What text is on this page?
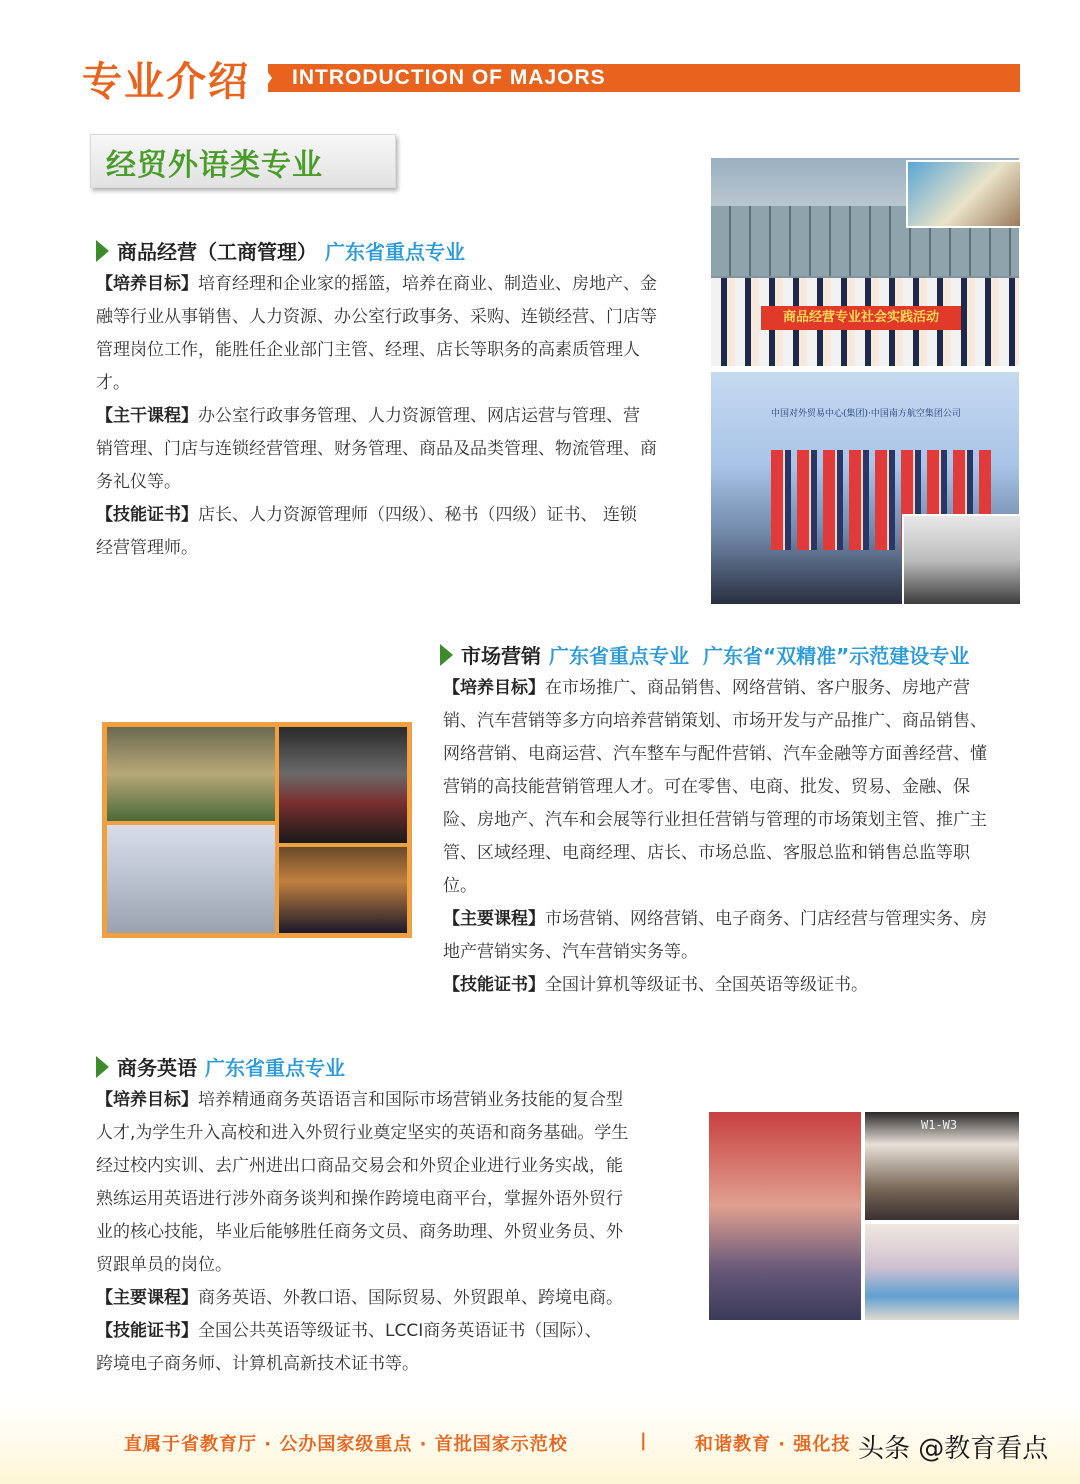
专业介绍 INTRODUCTION OF MAJORS
经贸外语类专业
商品经营（工商管理） 广东省重点专业
【培养目标】培育经理和企业家的摇篮，培养在商业、制造业、房地产、金
融等行业从事销售、人力资源、办公室行政事务、采购、连锁经营、门店等
管理岗位工作，能胜任企业部门主管、经理、店长等职务的高素质管理人
才。
【主干课程】办公室行政事务管理、人力资源管理、网店运营与管理、营
销管理、门店与连锁经营管理、财务管理、商品及品类管理、物流管理、商
务礼仪等。
【技能证书】店长、人力资源管理师（四级）、秘书（四级）证书、 连锁
经营管理师。
商品经营专业社会实践活动
中国对外贸易中心(集团)·中国南方航空集团公司
市场营销 广东省重点专业 广东省“双精准”示范建设专业
【培养目标】在市场推广、商品销售、网络营销、客户服务、房地产营
销、汽车营销等多方向培养营销策划、市场开发与产品推广、商品销售、
网络营销、电商运营、汽车整车与配件营销、汽车金融等方面善经营、懂
营销的高技能营销管理人才。可在零售、电商、批发、贸易、金融、保
险、房地产、汽车和会展等行业担任营销与管理的市场策划主管、推广主
管、区域经理、电商经理、店长、市场总监、客服总监和销售总监等职
位。
【主要课程】市场营销、网络营销、电子商务、门店经营与管理实务、房
地产营销实务、汽车营销实务等。
【技能证书】全国计算机等级证书、全国英语等级证书。
商务英语 广东省重点专业
【培养目标】培养精通商务英语语言和国际市场营销业务技能的复合型
人才,为学生升入高校和进入外贸行业奠定坚实的英语和商务基础。学生
经过校内实训、去广州进出口商品交易会和外贸企业进行业务实战，能
熟练运用英语进行涉外商务谈判和操作跨境电商平台，掌握外语外贸行
业的核心技能，毕业后能够胜任商务文员、商务助理、外贸业务员、外
贸跟单员的岗位。
【主要课程】商务英语、外教口语、国际贸易、外贸跟单、跨境电商。
【技能证书】全国公共英语等级证书、LCCI商务英语证书（国际）、
跨境电子商务师、计算机高新技术证书等。
W1-W3
直属于省教育厅 · 公办国家级重点 · 首批国家示范校	|	和谐教育 · 强化技 头条 @教育看点
